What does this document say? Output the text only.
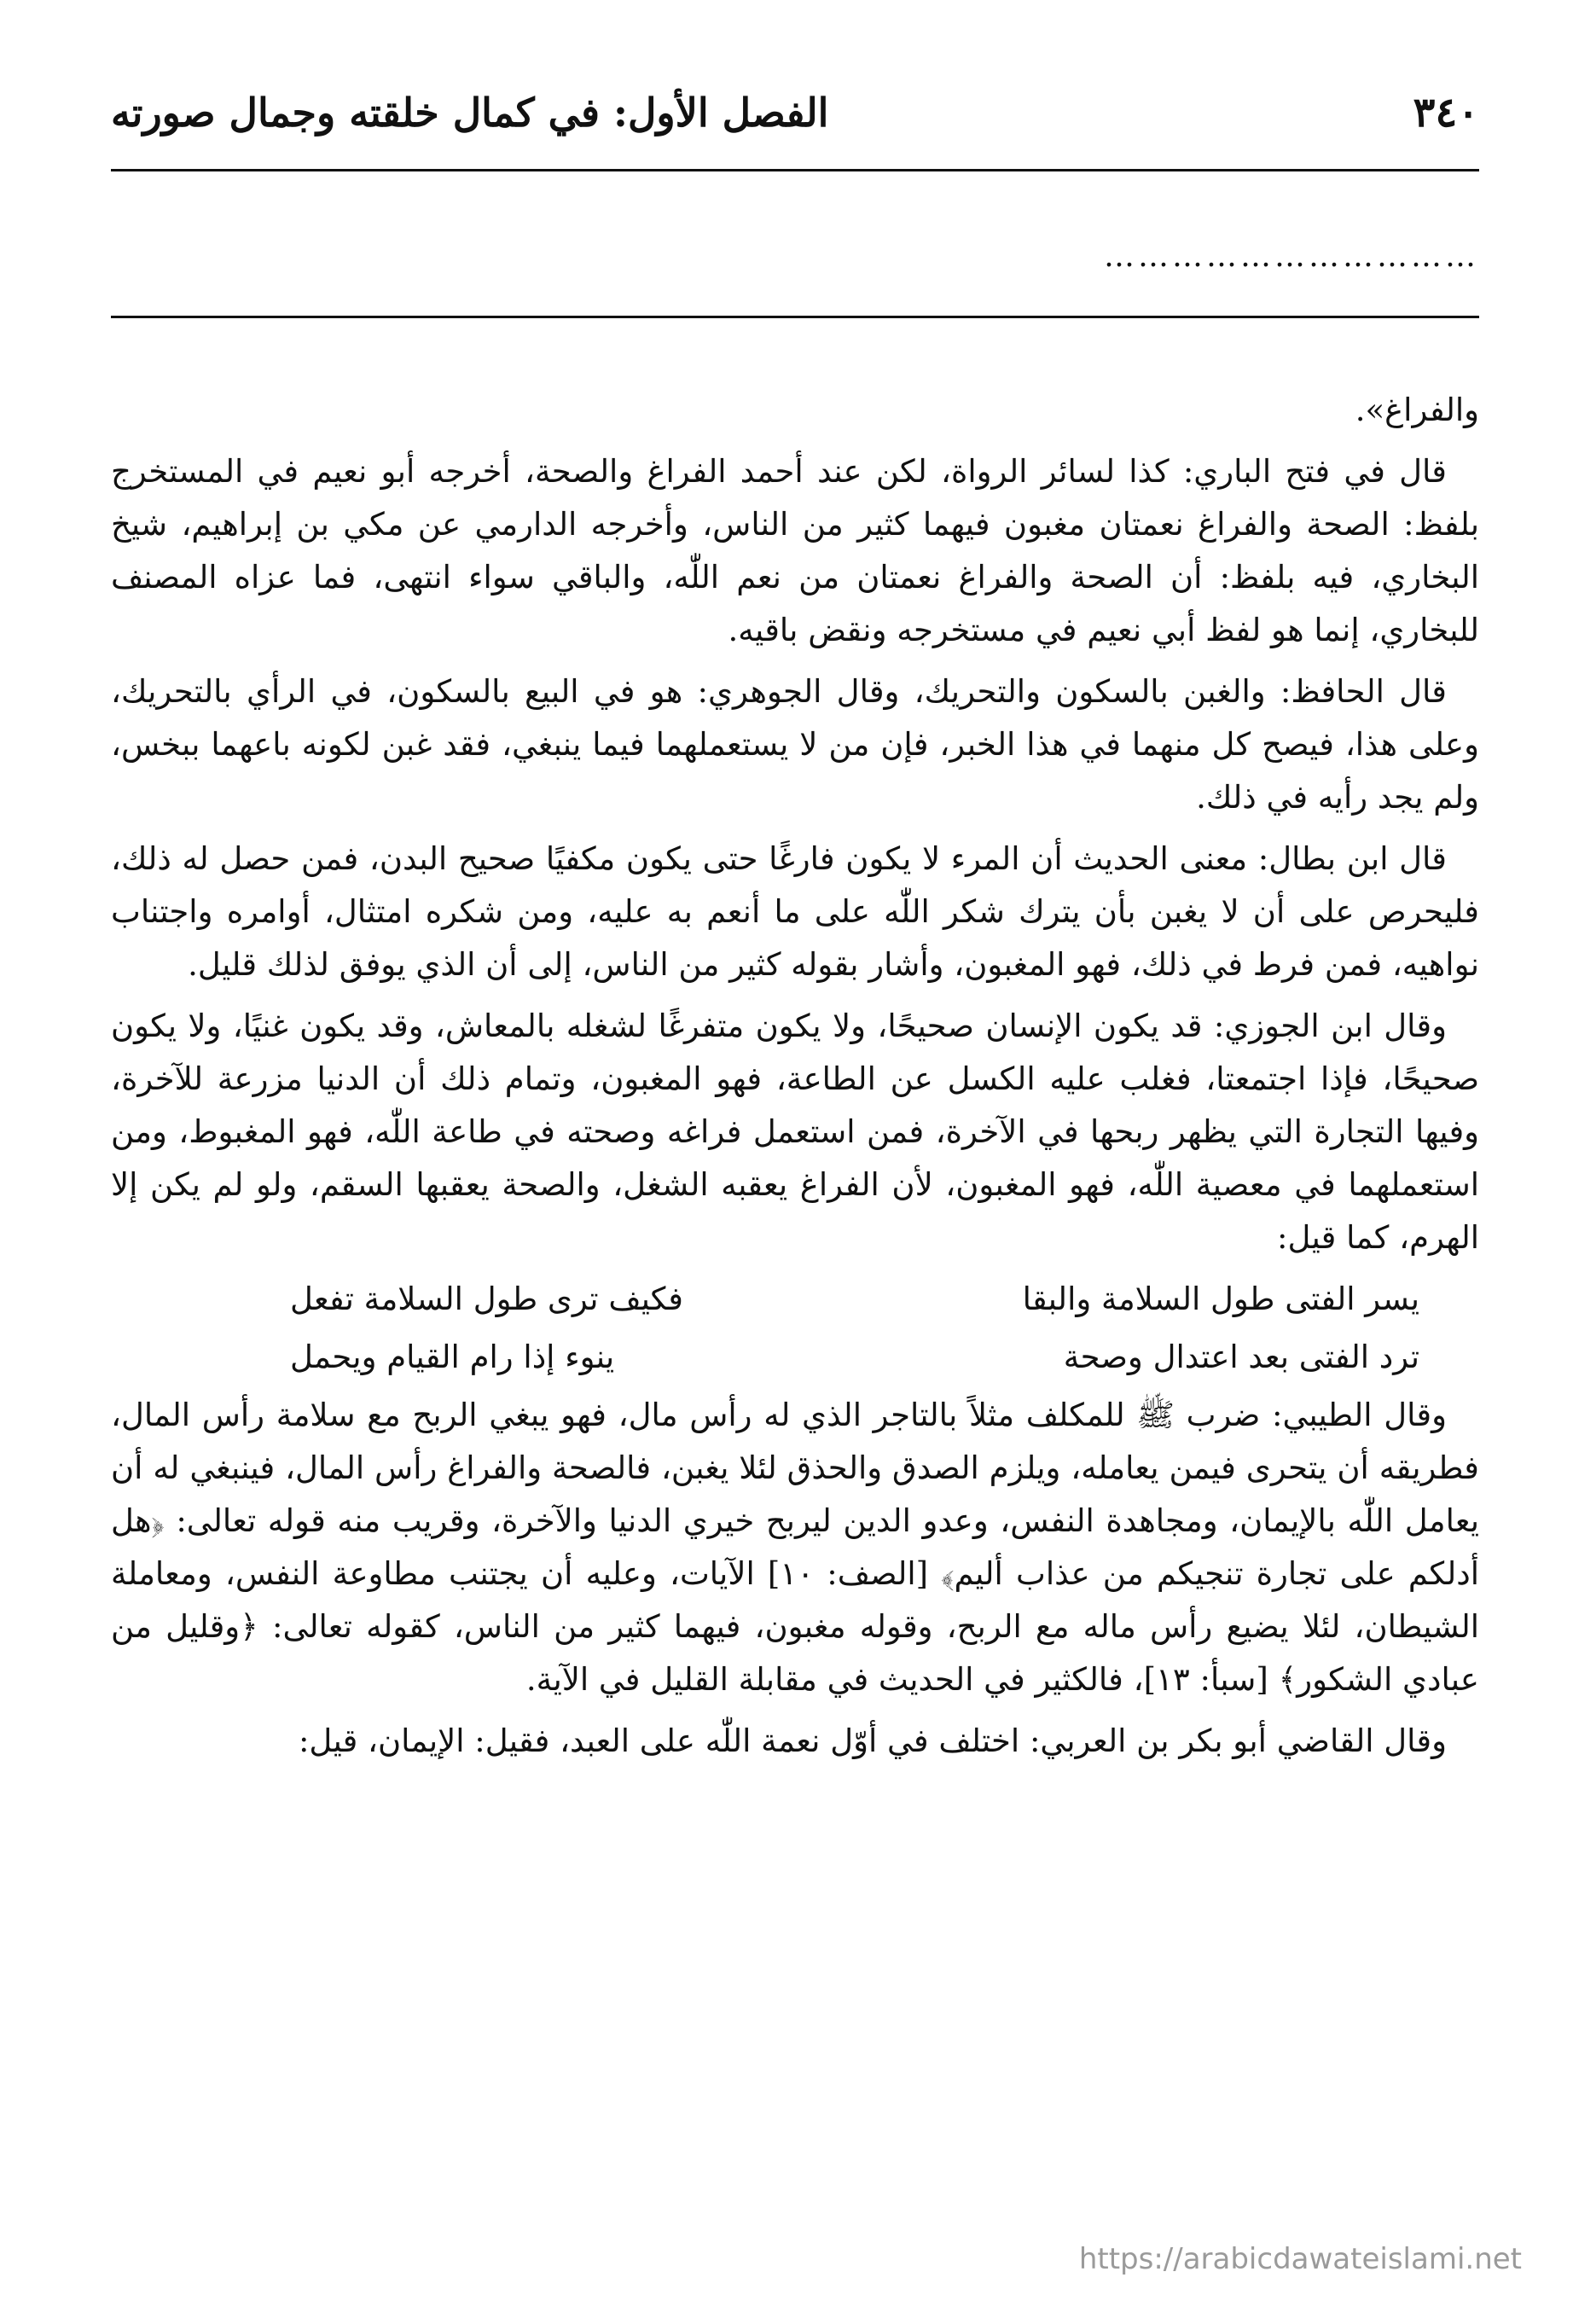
٣٤٠
الفصل الأول: في كمال خلقته وجمال صورته
……………………………

والفراغ».

قال في فتح الباري: كذا لسائر الرواة، لكن عند أحمد الفراغ والصحة، أخرجه أبو نعيم في المستخرج بلفظ: الصحة والفراغ نعمتان مغبون فيهما كثير من الناس، وأخرجه الدارمي عن مكي بن إبراهيم، شيخ البخاري، فيه بلفظ: أن الصحة والفراغ نعمتان من نعم اللّٰه، والباقي سواء انتهى، فما عزاه المصنف للبخاري، إنما هو لفظ أبي نعيم في مستخرجه ونقض باقيه.

قال الحافظ: والغبن بالسكون والتحريك، وقال الجوهري: هو في البيع بالسكون، في الرأي بالتحريك، وعلى هذا، فيصح كل منهما في هذا الخبر، فإن من لا يستعملهما فيما ينبغي، فقد غبن لكونه باعهما ببخس، ولم يجد رأيه في ذلك.

قال ابن بطال: معنى الحديث أن المرء لا يكون فارغًا حتى يكون مكفيًا صحيح البدن، فمن حصل له ذلك، فليحرص على أن لا يغبن بأن يترك شكر اللّٰه على ما أنعم به عليه، ومن شكره امتثال، أوامره واجتناب نواهيه، فمن فرط في ذلك، فهو المغبون، وأشار بقوله كثير من الناس، إلى أن الذي يوفق لذلك قليل.

وقال ابن الجوزي: قد يكون الإنسان صحيحًا، ولا يكون متفرغًا لشغله بالمعاش، وقد يكون غنيًا، ولا يكون صحيحًا، فإذا اجتمعتا، فغلب عليه الكسل عن الطاعة، فهو المغبون، وتمام ذلك أن الدنيا مزرعة للآخرة، وفيها التجارة التي يظهر ربحها في الآخرة، فمن استعمل فراغه وصحته في طاعة اللّٰه، فهو المغبوط، ومن استعملهما في معصية اللّٰه، فهو المغبون، لأن الفراغ يعقبه الشغل، والصحة يعقبها السقم، ولو لم يكن إلا الهرم، كما قيل:

يسر الفتى طول السلامة والبقا
فكيف ترى طول السلامة تفعل
ترد الفتى بعد اعتدال وصحة
ينوء إذا رام القيام ويحمل

وقال الطيبي: ضرب ﷺ للمكلف مثلاً بالتاجر الذي له رأس مال، فهو يبغي الربح مع سلامة رأس المال، فطريقه أن يتحرى فيمن يعامله، ويلزم الصدق والحذق لئلا يغبن، فالصحة والفراغ رأس المال، فينبغي له أن يعامل اللّٰه بالإيمان، ومجاهدة النفس، وعدو الدين ليربح خيري الدنيا والآخرة، وقريب منه قوله تعالى: ﴿هل أدلكم على تجارة تنجيكم من عذاب أليم﴾ [الصف: ١٠] الآيات، وعليه أن يجتنب مطاوعة النفس، ومعاملة الشيطان، لئلا يضيع رأس ماله مع الربح، وقوله مغبون، فيهما كثير من الناس، كقوله تعالى: ﴿وقليل من عبادي الشكور﴾ [سبأ: ١٣]، فالكثير في الحديث في مقابلة القليل في الآية.

وقال القاضي أبو بكر بن العربي: اختلف في أوّل نعمة اللّٰه على العبد، فقيل: الإيمان، قيل:

https://arabicdawateislami.net
